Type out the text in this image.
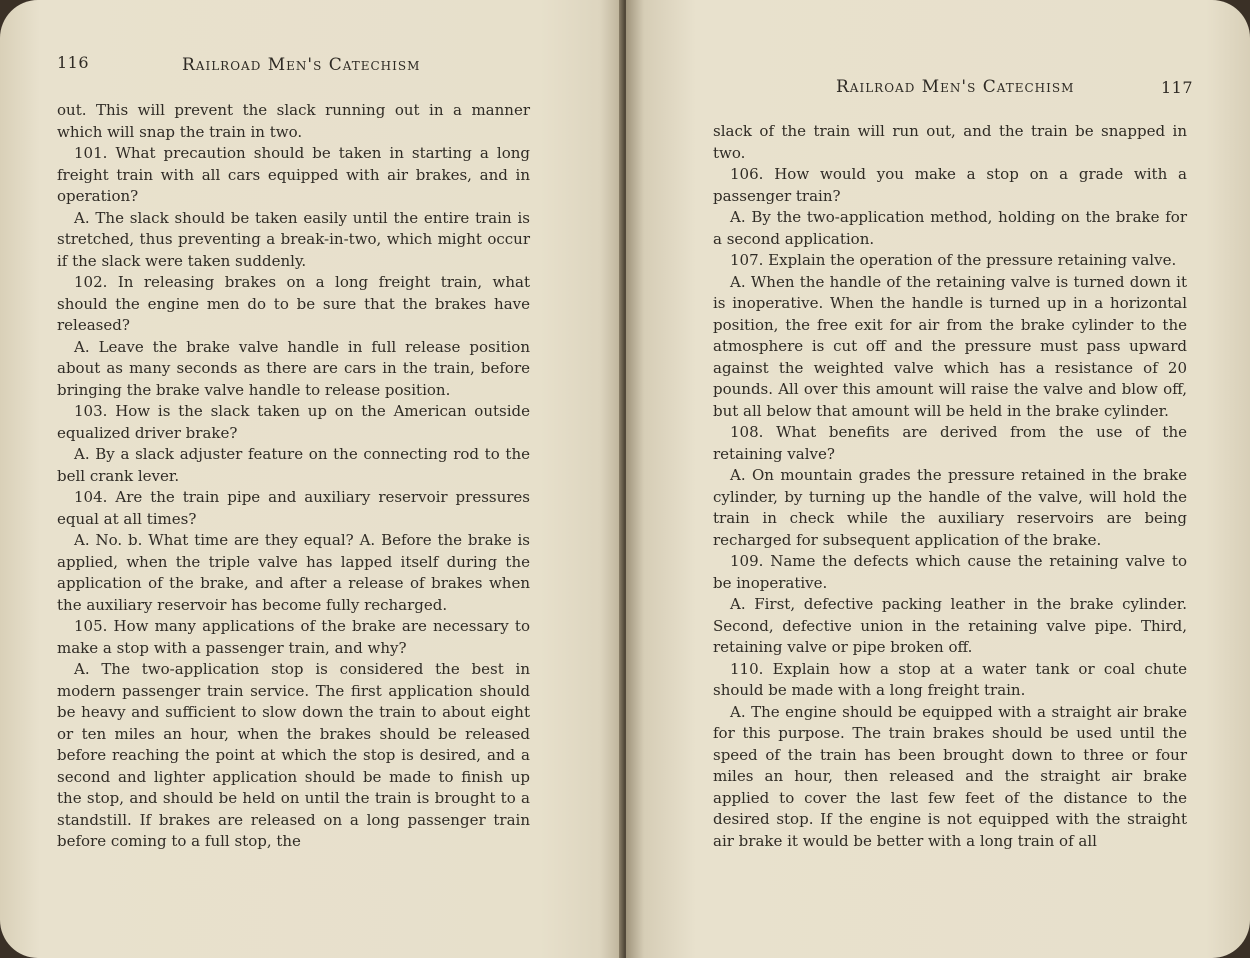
116	Railroad Men's Catechism

out. This will prevent the slack running out in a manner which will snap the train in two.

101. What precaution should be taken in starting a long freight train with all cars equipped with air brakes, and in operation?

A. The slack should be taken easily until the entire train is stretched, thus preventing a break-in-two, which might occur if the slack were taken suddenly.

102. In releasing brakes on a long freight train, what should the engine men do to be sure that the brakes have released?

A. Leave the brake valve handle in full release position about as many seconds as there are cars in the train, before bringing the brake valve handle to release position.

103. How is the slack taken up on the American outside equalized driver brake?

A. By a slack adjuster feature on the connecting rod to the bell crank lever.

104. Are the train pipe and auxiliary reservoir pressures equal at all times?

A. No. b. What time are they equal? A. Before the brake is applied, when the triple valve has lapped itself during the application of the brake, and after a release of brakes when the auxiliary reservoir has become fully recharged.

105. How many applications of the brake are necessary to make a stop with a passenger train, and why?

A. The two-application stop is considered the best in modern passenger train service. The first application should be heavy and sufficient to slow down the train to about eight or ten miles an hour, when the brakes should be released before reaching the point at which the stop is desired, and a second and lighter application should be made to finish up the stop, and should be held on until the train is brought to a standstill. If brakes are released on a long passenger train before coming to a full stop, the

Railroad Men's Catechism	117

slack of the train will run out, and the train be snapped in two.

106. How would you make a stop on a grade with a passenger train?

A. By the two-application method, holding on the brake for a second application.

107. Explain the operation of the pressure retaining valve.

A. When the handle of the retaining valve is turned down it is inoperative. When the handle is turned up in a horizontal position, the free exit for air from the brake cylinder to the atmosphere is cut off and the pressure must pass upward against the weighted valve which has a resistance of 20 pounds. All over this amount will raise the valve and blow off, but all below that amount will be held in the brake cylinder.

108. What benefits are derived from the use of the retaining valve?

A. On mountain grades the pressure retained in the brake cylinder, by turning up the handle of the valve, will hold the train in check while the auxiliary reservoirs are being recharged for subsequent application of the brake.

109. Name the defects which cause the retaining valve to be inoperative.

A. First, defective packing leather in the brake cylinder. Second, defective union in the retaining valve pipe. Third, retaining valve or pipe broken off.

110. Explain how a stop at a water tank or coal chute should be made with a long freight train.

A. The engine should be equipped with a straight air brake for this purpose. The train brakes should be used until the speed of the train has been brought down to three or four miles an hour, then released and the straight air brake applied to cover the last few feet of the distance to the desired stop. If the engine is not equipped with the straight air brake it would be better with a long train of all
